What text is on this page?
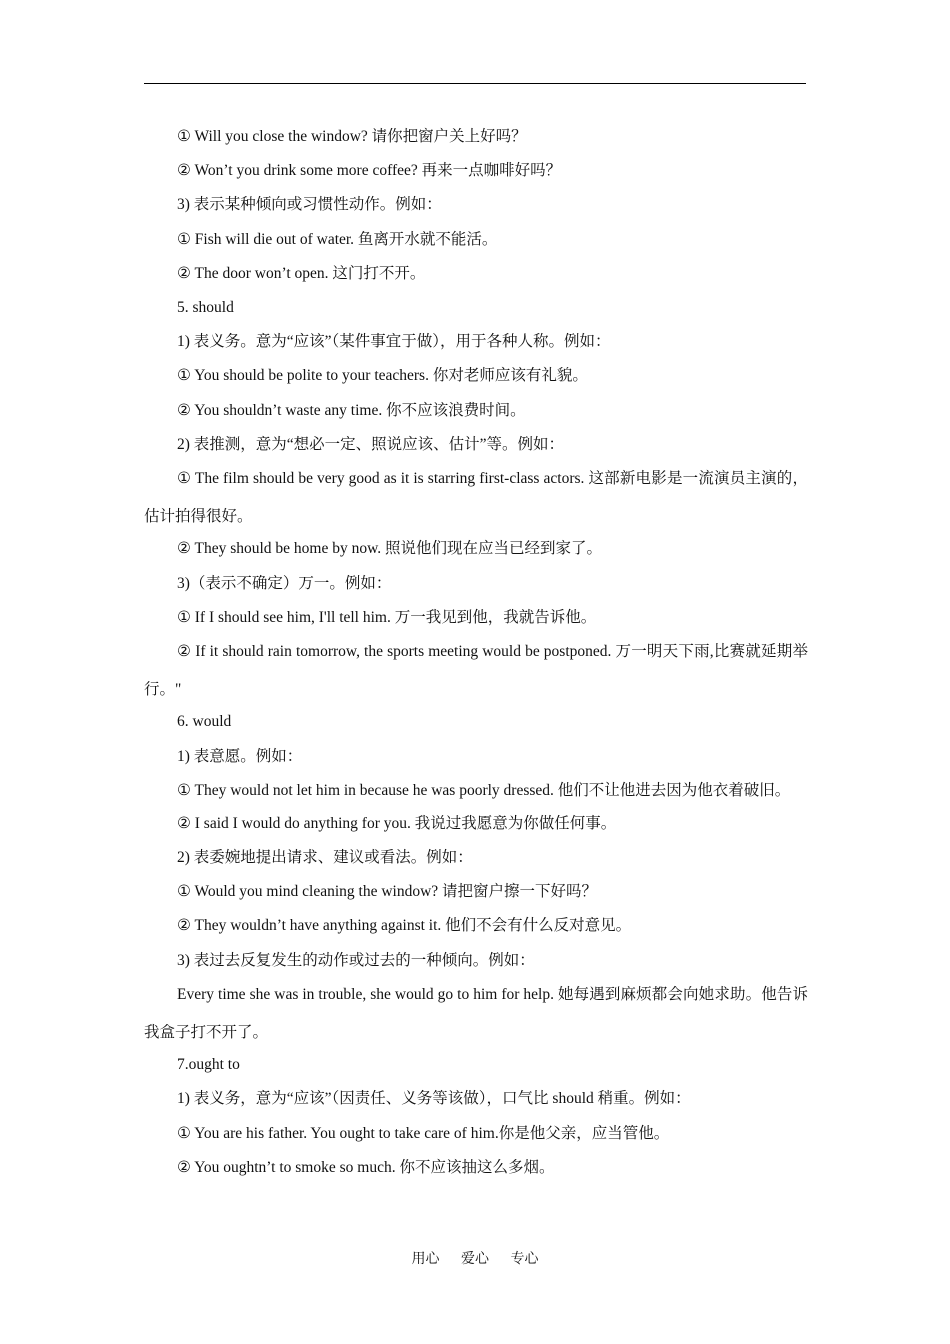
① Will you close the window? 请你把窗户关上好吗？
② Won’t you drink some more coffee? 再来一点咖啡好吗？
3) 表示某种倾向或习惯性动作。例如：
① Fish will die out of water. 鱼离开水就不能活。
② The door won’t open. 这门打不开。
5. should
1) 表义务。意为“应该”（某件事宜于做），用于各种人称。例如：
① You should be polite to your teachers. 你对老师应该有礼貌。
② You shouldn’t waste any time. 你不应该浪费时间。
2) 表推测，意为“想必一定、照说应该、估计”等。例如：
① The film should be very good as it is starring first-class actors. 这部新电影是一流演员主演的，估计拍得很好。
② They should be home by now. 照说他们现在应当已经到家了。
3)（表示不确定）万一。例如：
① If I should see him, I'll tell him. 万一我见到他，我就告诉他。
② If it should rain tomorrow, the sports meeting would be postponed. 万一明天下雨,比赛就延期举行。"
6. would
1) 表意愿。例如：
① They would not let him in because he was poorly dressed. 他们不让他进去因为他衣着破旧。
② I said I would do anything for you. 我说过我愿意为你做任何事。
2) 表委婉地提出请求、建议或看法。例如：
① Would you mind cleaning the window? 请把窗户擦一下好吗？
② They wouldn’t have anything against it. 他们不会有什么反对意见。
3) 表过去反复发生的动作或过去的一种倾向。例如：
Every time she was in trouble, she would go to him for help. 她每遇到麻烦都会向她求助。他告诉我盒子打不开了。
7.ought to
1) 表义务，意为“应该”（因责任、义务等该做），口气比 should 稍重。例如：
① You are his father. You ought to take care of him.你是他父亲，应当管他。
② You oughtn’t to smoke so much. 你不应该抽这么多烟。
用心 爱心 专心
